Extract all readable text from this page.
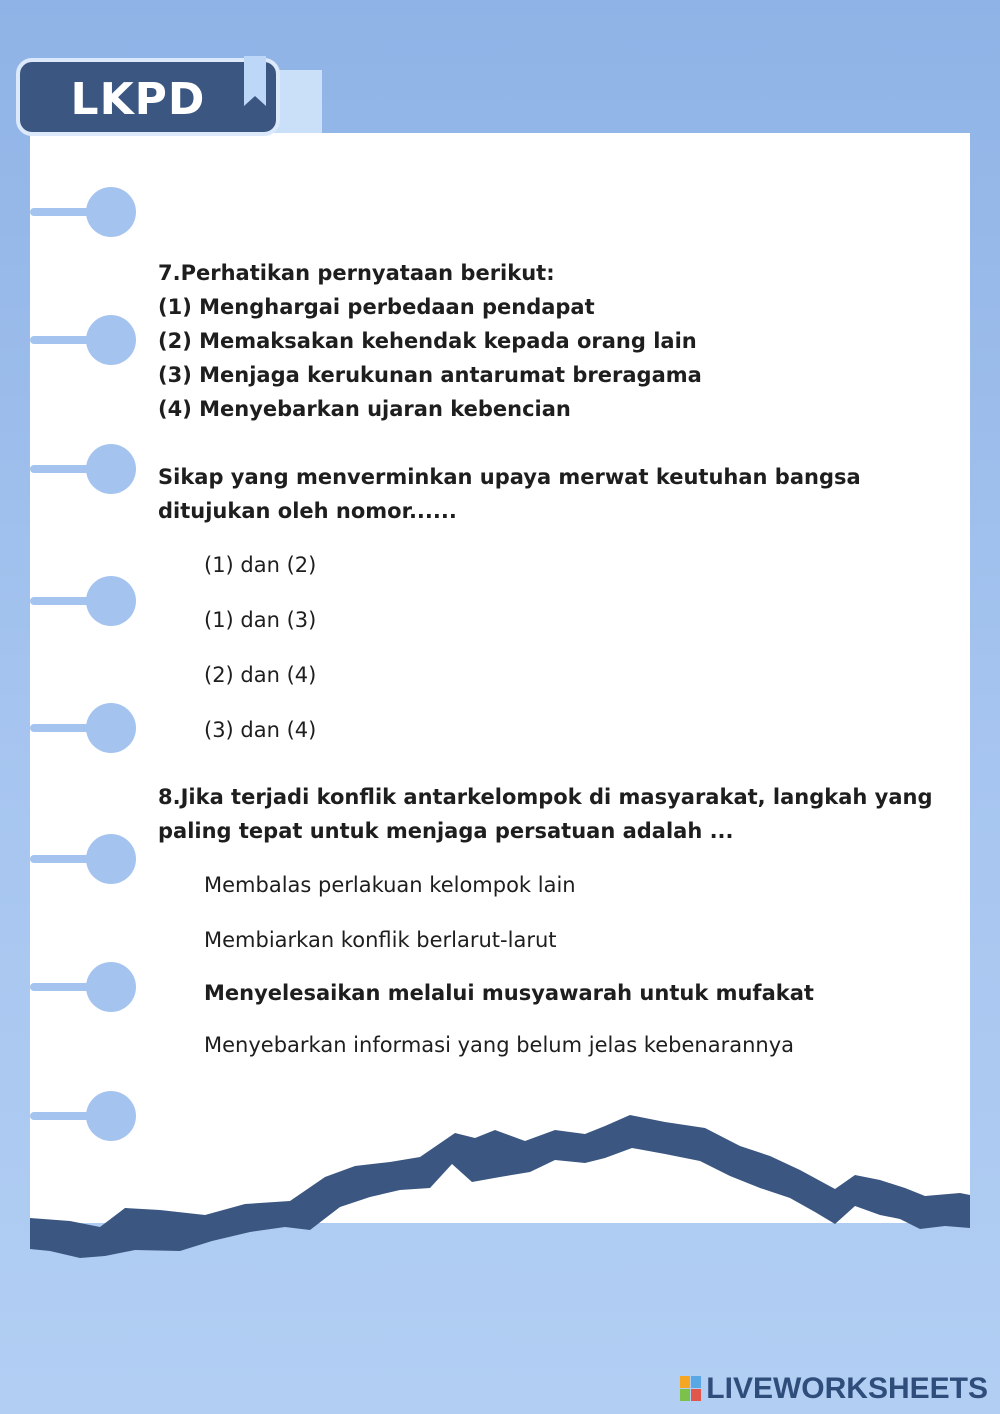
LKPD

7.Perhatikan pernyataan berikut:

(1) Menghargai perbedaan pendapat

(2) Memaksakan kehendak kepada orang lain

(3) Menjaga kerukunan antarumat breragama

(4) Menyebarkan ujaran kebencian

Sikap yang menverminkan upaya merwat keutuhan bangsa

ditujukan oleh nomor......

(1) dan (2)
(1) dan (3)
(2) dan (4)
(3) dan (4)

8.Jika terjadi konflik antarkelompok di masyarakat, langkah yang

paling tepat untuk menjaga persatuan adalah ...

Membalas perlakuan kelompok lain
Membiarkan konflik berlarut-larut
Menyelesaikan melalui musyawarah untuk mufakat
Menyebarkan informasi yang belum jelas kebenarannya
LIVEWORKSHEETS
